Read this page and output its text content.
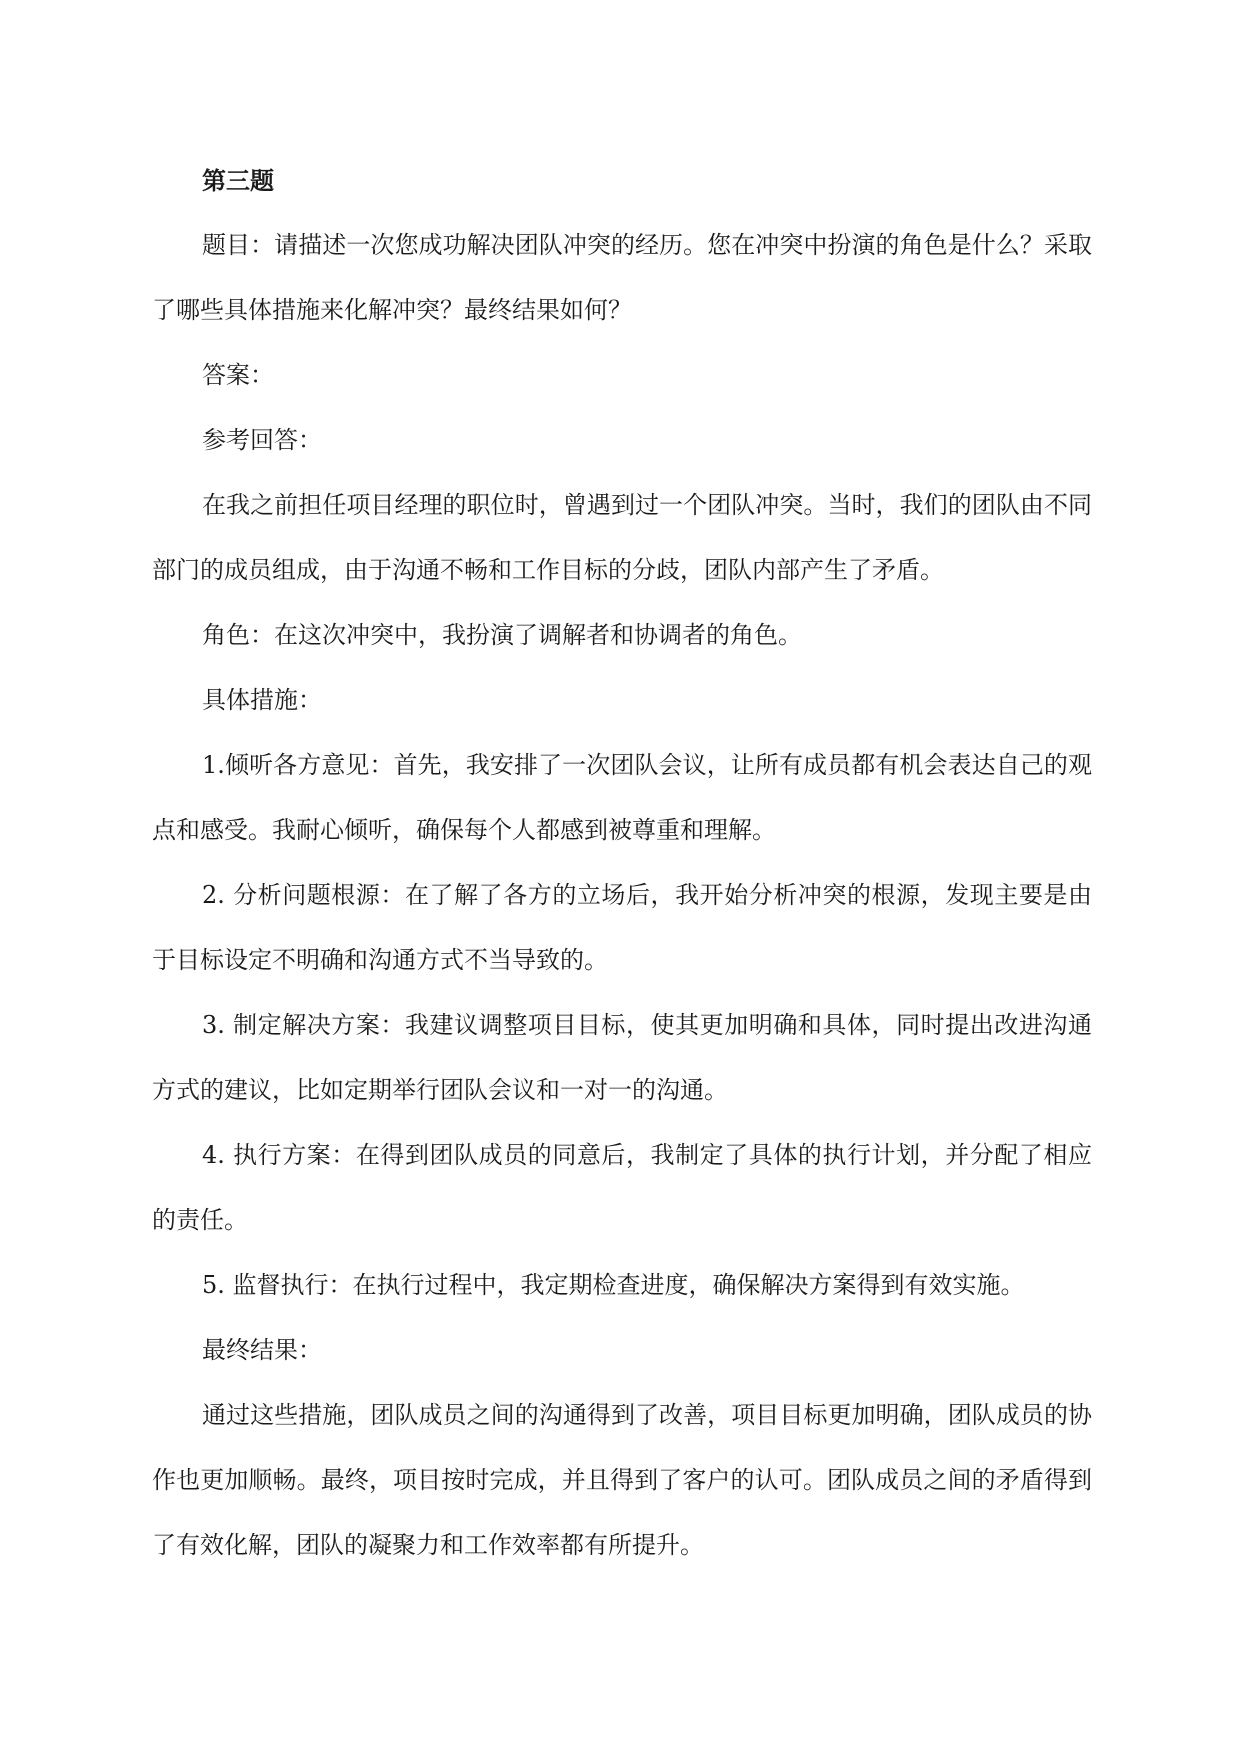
第三题

题目：请描述一次您成功解决团队冲突的经历。您在冲突中扮演的角色是什么？采取了哪些具体措施来化解冲突？最终结果如何？

答案：

参考回答：

在我之前担任项目经理的职位时，曾遇到过一个团队冲突。当时，我们的团队由不同部门的成员组成，由于沟通不畅和工作目标的分歧，团队内部产生了矛盾。

角色：在这次冲突中，我扮演了调解者和协调者的角色。

具体措施：

1.倾听各方意见：首先，我安排了一次团队会议，让所有成员都有机会表达自己的观点和感受。我耐心倾听，确保每个人都感到被尊重和理解。

2. 分析问题根源：在了解了各方的立场后，我开始分析冲突的根源，发现主要是由于目标设定不明确和沟通方式不当导致的。

3. 制定解决方案：我建议调整项目目标，使其更加明确和具体，同时提出改进沟通方式的建议，比如定期举行团队会议和一对一的沟通。

4. 执行方案：在得到团队成员的同意后，我制定了具体的执行计划，并分配了相应的责任。

5. 监督执行：在执行过程中，我定期检查进度，确保解决方案得到有效实施。

最终结果：

通过这些措施，团队成员之间的沟通得到了改善，项目目标更加明确，团队成员的协作也更加顺畅。最终，项目按时完成，并且得到了客户的认可。团队成员之间的矛盾得到了有效化解，团队的凝聚力和工作效率都有所提升。
